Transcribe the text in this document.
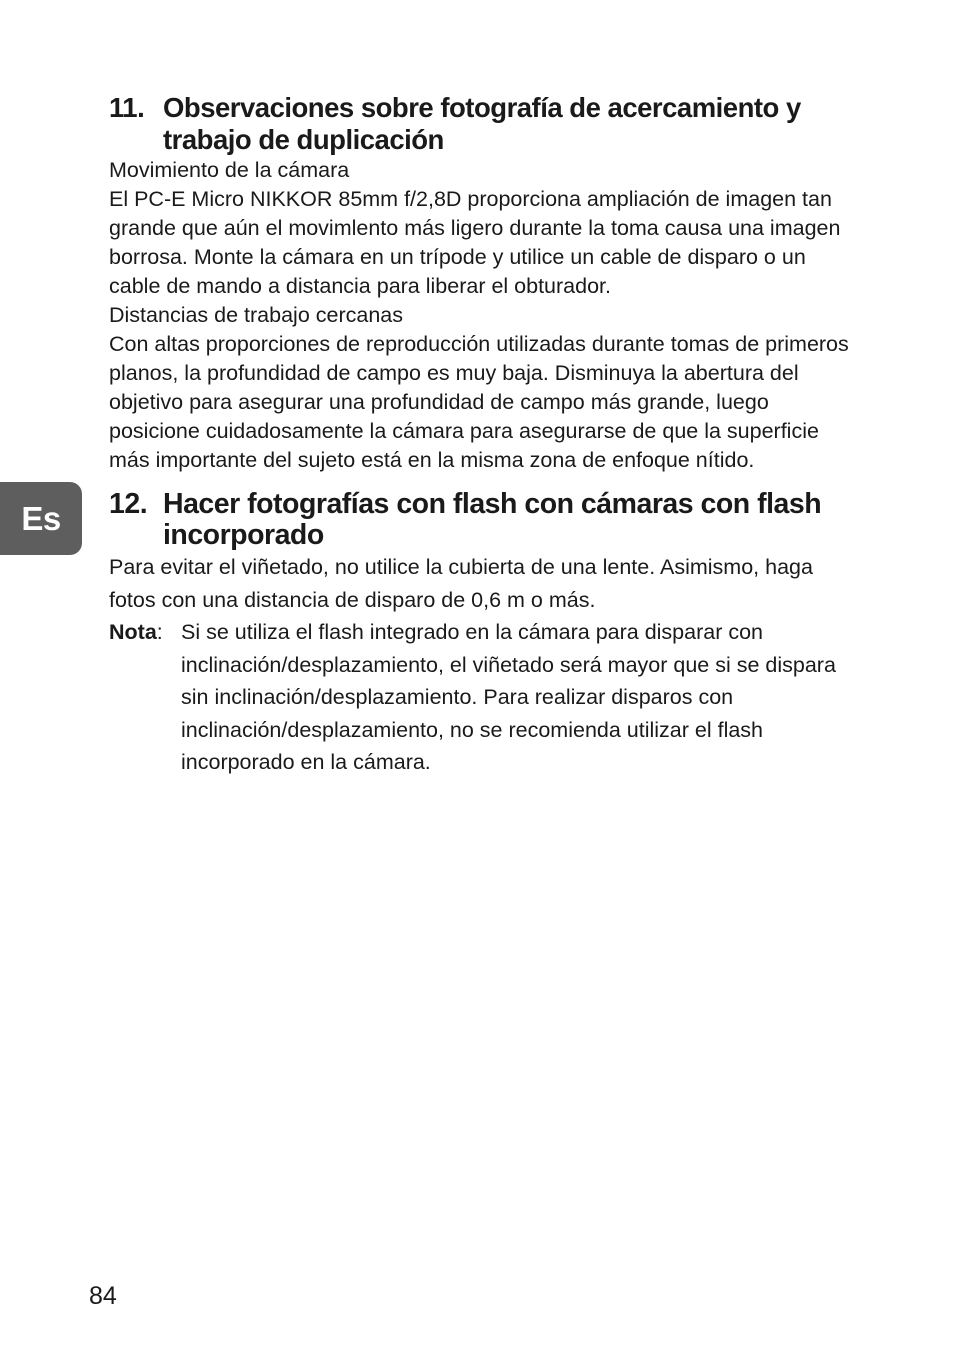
Es
11. Observaciones sobre fotografía de acercamiento y trabajo de duplicación

Movimiento de la cámara

El PC-E Micro NIKKOR 85mm f/2,8D proporciona ampliación de imagen tan grande que aún el movimlento más ligero durante la toma causa una imagen borrosa. Monte la cámara en un trípode y utilice un cable de disparo o un cable de mando a distancia para liberar el obturador.

Distancias de trabajo cercanas

Con altas proporciones de reproducción utilizadas durante tomas de primeros planos, la profundidad de campo es muy baja. Disminuya la abertura del objetivo para asegurar una profundidad de campo más grande, luego posicione cuidadosamente la cámara para asegurarse de que la superficie más importante del sujeto está en la misma zona de enfoque nítido.

12. Hacer fotografías con flash con cámaras con flash incorporado

Para evitar el viñetado, no utilice la cubierta de una lente. Asimismo, haga fotos con una distancia de disparo de 0,6 m o más.

Nota: Si se utiliza el flash integrado en la cámara para disparar con inclinación/desplazamiento, el viñetado será mayor que si se dispara sin inclinación/desplazamiento. Para realizar disparos con inclinación/desplazamiento, no se recomienda utilizar el flash incorporado en la cámara.
84
